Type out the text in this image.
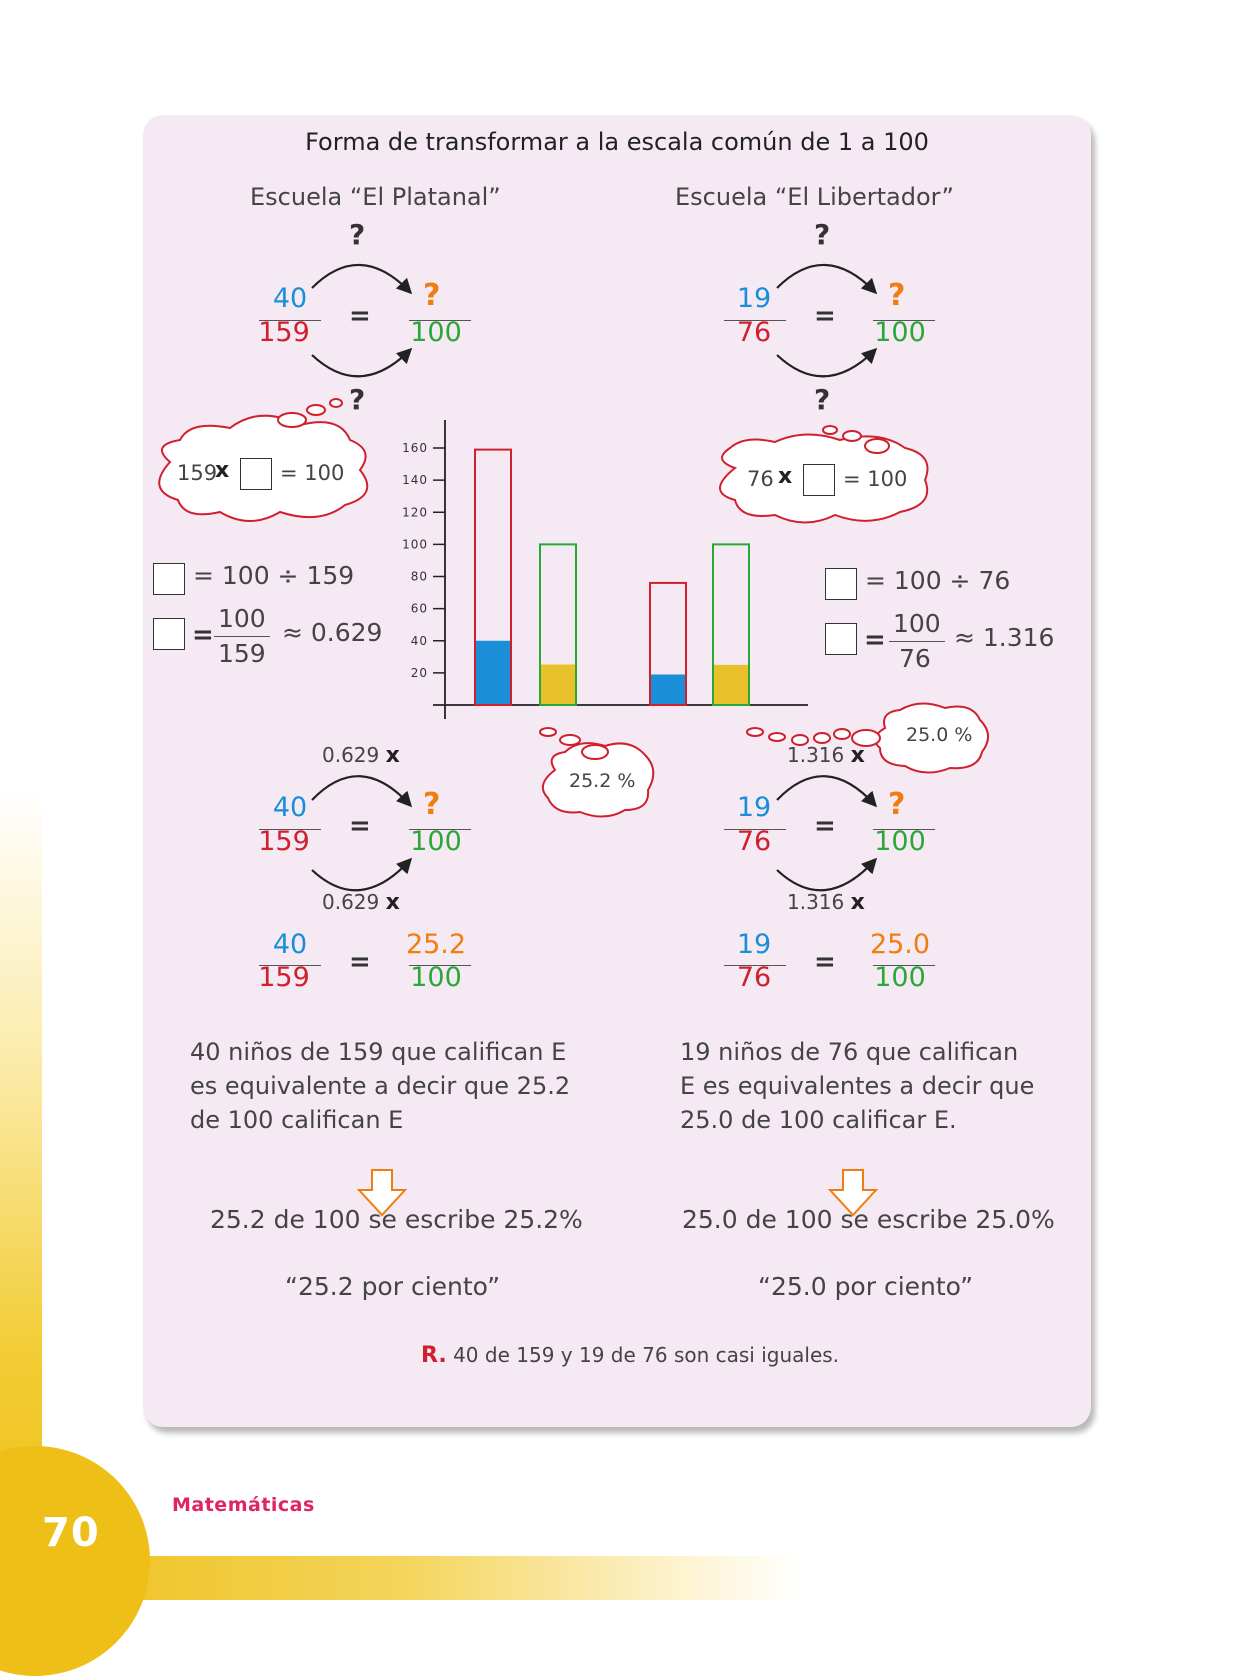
70
Matemáticas
Forma de transformar a la escala común de 1 a 100
20
40
60
80
100
120
140
160
Escuela “El Platanal”
?
?
40
159
=
?
100
159
x = 100
= 100 ÷ 159
=
100
159
≈ 0.629
0.629 x
40
159	=
?
100
0.629 x
40
159	=
25.2
100
40 niños de 159 que califican E
es equivalente a decir que 25.2
de 100 califican E
25.2 de 100 se escribe 25.2%
“25.2 por ciento”
25.2 %
Escuela “El Libertador”
?
?
19
76
=
?
100
76 x = 100
= 100 ÷ 76
=
100
76
≈ 1.316
1.316 x
19
76	=
?
100
1.316 x
19
76	=
25.0
100
19 niños de 76 que califican
E es equivalentes a decir que
25.0 de 100 calificar E.
25.0 de 100 se escribe 25.0%
“25.0 por ciento”
25.0 %
R. 40 de 159 y 19 de 76 son casi iguales.
